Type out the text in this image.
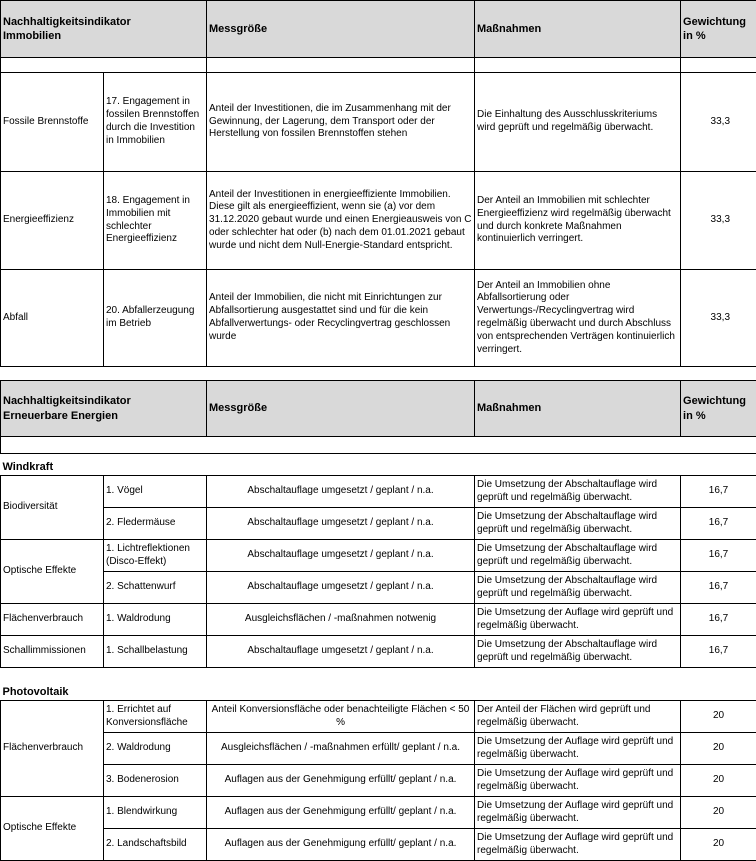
Nachhaltigkeitsindikator
Immobilien		Messgröße	Maßnahmen	Gewichtung in %

Fossile Brennstoffe	17. Engagement in fossilen Brennstoffen durch die Investition in Immobilien	Anteil der Investitionen, die im Zusammenhang mit der Gewinnung, der Lagerung, dem Transport oder der Herstellung von fossilen Brennstoffen stehen	Die Einhaltung des Ausschlusskriteriums wird geprüft und regelmäßig überwacht.	33,3
Energieeffizienz	18. Engagement in Immobilien mit schlechter Energieeffizienz	Anteil der Investitionen in energieeffiziente Immobilien. Diese gilt als energieeffizient, wenn sie (a) vor dem 31.12.2020 gebaut wurde und einen Energieausweis von C oder schlechter hat oder (b) nach dem 01.01.2021 gebaut wurde und nicht dem Null-Energie-Standard entspricht.	Der Anteil an Immobilien mit schlechter Energieeffizienz wird regelmäßig überwacht und durch konkrete Maßnahmen kontinuierlich verringert.	33,3
Abfall	20. Abfallerzeugung im Betrieb	Anteil der Immobilien, die nicht mit Einrichtungen zur Abfallsortierung ausgestattet sind und für die kein Abfallverwertungs- oder Recyclingvertrag geschlossen wurde	Der Anteil an Immobilien ohne Abfallsortierung oder Verwertungs-/Recyclingvertrag wird regelmäßig überwacht und durch Abschluss von entsprechenden Verträgen kontinuierlich verringert.	33,3
Nachhaltigkeitsindikator
Erneuerbare Energien		Messgröße	Maßnahmen	Gewichtung in %

Windkraft				
Biodiversität	1. Vögel	Abschaltauflage umgesetzt / geplant / n.a.	Die Umsetzung der Abschaltauflage wird geprüft und regelmäßig überwacht.	16,7
	2. Fledermäuse	Abschaltauflage umgesetzt / geplant / n.a.	Die Umsetzung der Abschaltauflage wird geprüft und regelmäßig überwacht.	16,7
Optische Effekte	1. Lichtreflektionen (Disco-Effekt)	Abschaltauflage umgesetzt / geplant / n.a.	Die Umsetzung der Abschaltauflage wird geprüft und regelmäßig überwacht.	16,7
	2. Schattenwurf	Abschaltauflage umgesetzt / geplant / n.a.	Die Umsetzung der Abschaltauflage wird geprüft und regelmäßig überwacht.	16,7
Flächenverbrauch	1. Waldrodung	Ausgleichsflächen / -maßnahmen notwenig	Die Umsetzung der Auflage wird geprüft und regelmäßig überwacht.	16,7
Schallimmissionen	1. Schallbelastung	Abschaltauflage umgesetzt / geplant / n.a.	Die Umsetzung der Abschaltauflage wird geprüft und regelmäßig überwacht.	16,7
Photovoltaik				
Flächenverbrauch	1. Errichtet auf Konversionsfläche	Anteil Konversionsfläche oder benachteiligte Flächen < 50 %	Der Anteil der Flächen wird geprüft und regelmäßig überwacht.	20
	2. Waldrodung	Ausgleichsflächen / -maßnahmen erfüllt/ geplant / n.a.	Die Umsetzung der Auflage wird geprüft und regelmäßig überwacht.	20
	3. Bodenerosion	Auflagen aus der Genehmigung erfüllt/ geplant / n.a.	Die Umsetzung der Auflage wird geprüft und regelmäßig überwacht.	20
Optische Effekte	1. Blendwirkung	Auflagen aus der Genehmigung erfüllt/ geplant / n.a.	Die Umsetzung der Auflage wird geprüft und regelmäßig überwacht.	20
	2. Landschaftsbild	Auflagen aus der Genehmigung erfüllt/ geplant / n.a.	Die Umsetzung der Auflage wird geprüft und regelmäßig überwacht.	20
